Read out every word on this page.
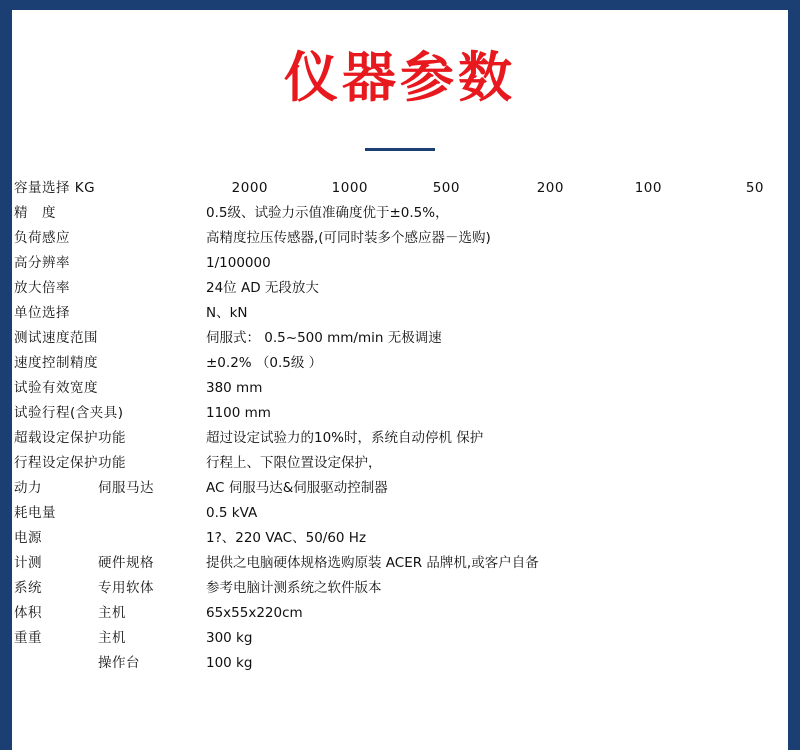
仪器参数
容量选择 KG	2000	1000	500	200	100	50

精　度		0.5级、试验力示值准确度优于±0.5%，
负荷感应		高精度拉压传感器,(可同时装多个感应器－选购)
高分辨率		1/100000
放大倍率		24位 AD 无段放大
单位选择		N、kN
测试速度范围		伺服式： 0.5~500 mm/min 无极调速
速度控制精度		±0.2% （0.5级 ）
试验有效宽度		380 mm
试验行程(含夹具)		1100 mm
超载设定保护功能		超过设定试验力的10%时，系统自动停机 保护
行程设定保护功能		行程上、下限位置设定保护，
动力	伺服马达	AC 伺服马达&伺服驱动控制器
耗电量		0.5 kVA
电源		1?、220 VAC、50/60 Hz
计测	硬件规格	提供之电脑硬体规格选购原装 ACER 品牌机,或客户自备
系统	专用软体	参考电脑计测系统之软件版本
体积	主机	65x55x220cm
重重	主机	300 kg
	操作台	100 kg
